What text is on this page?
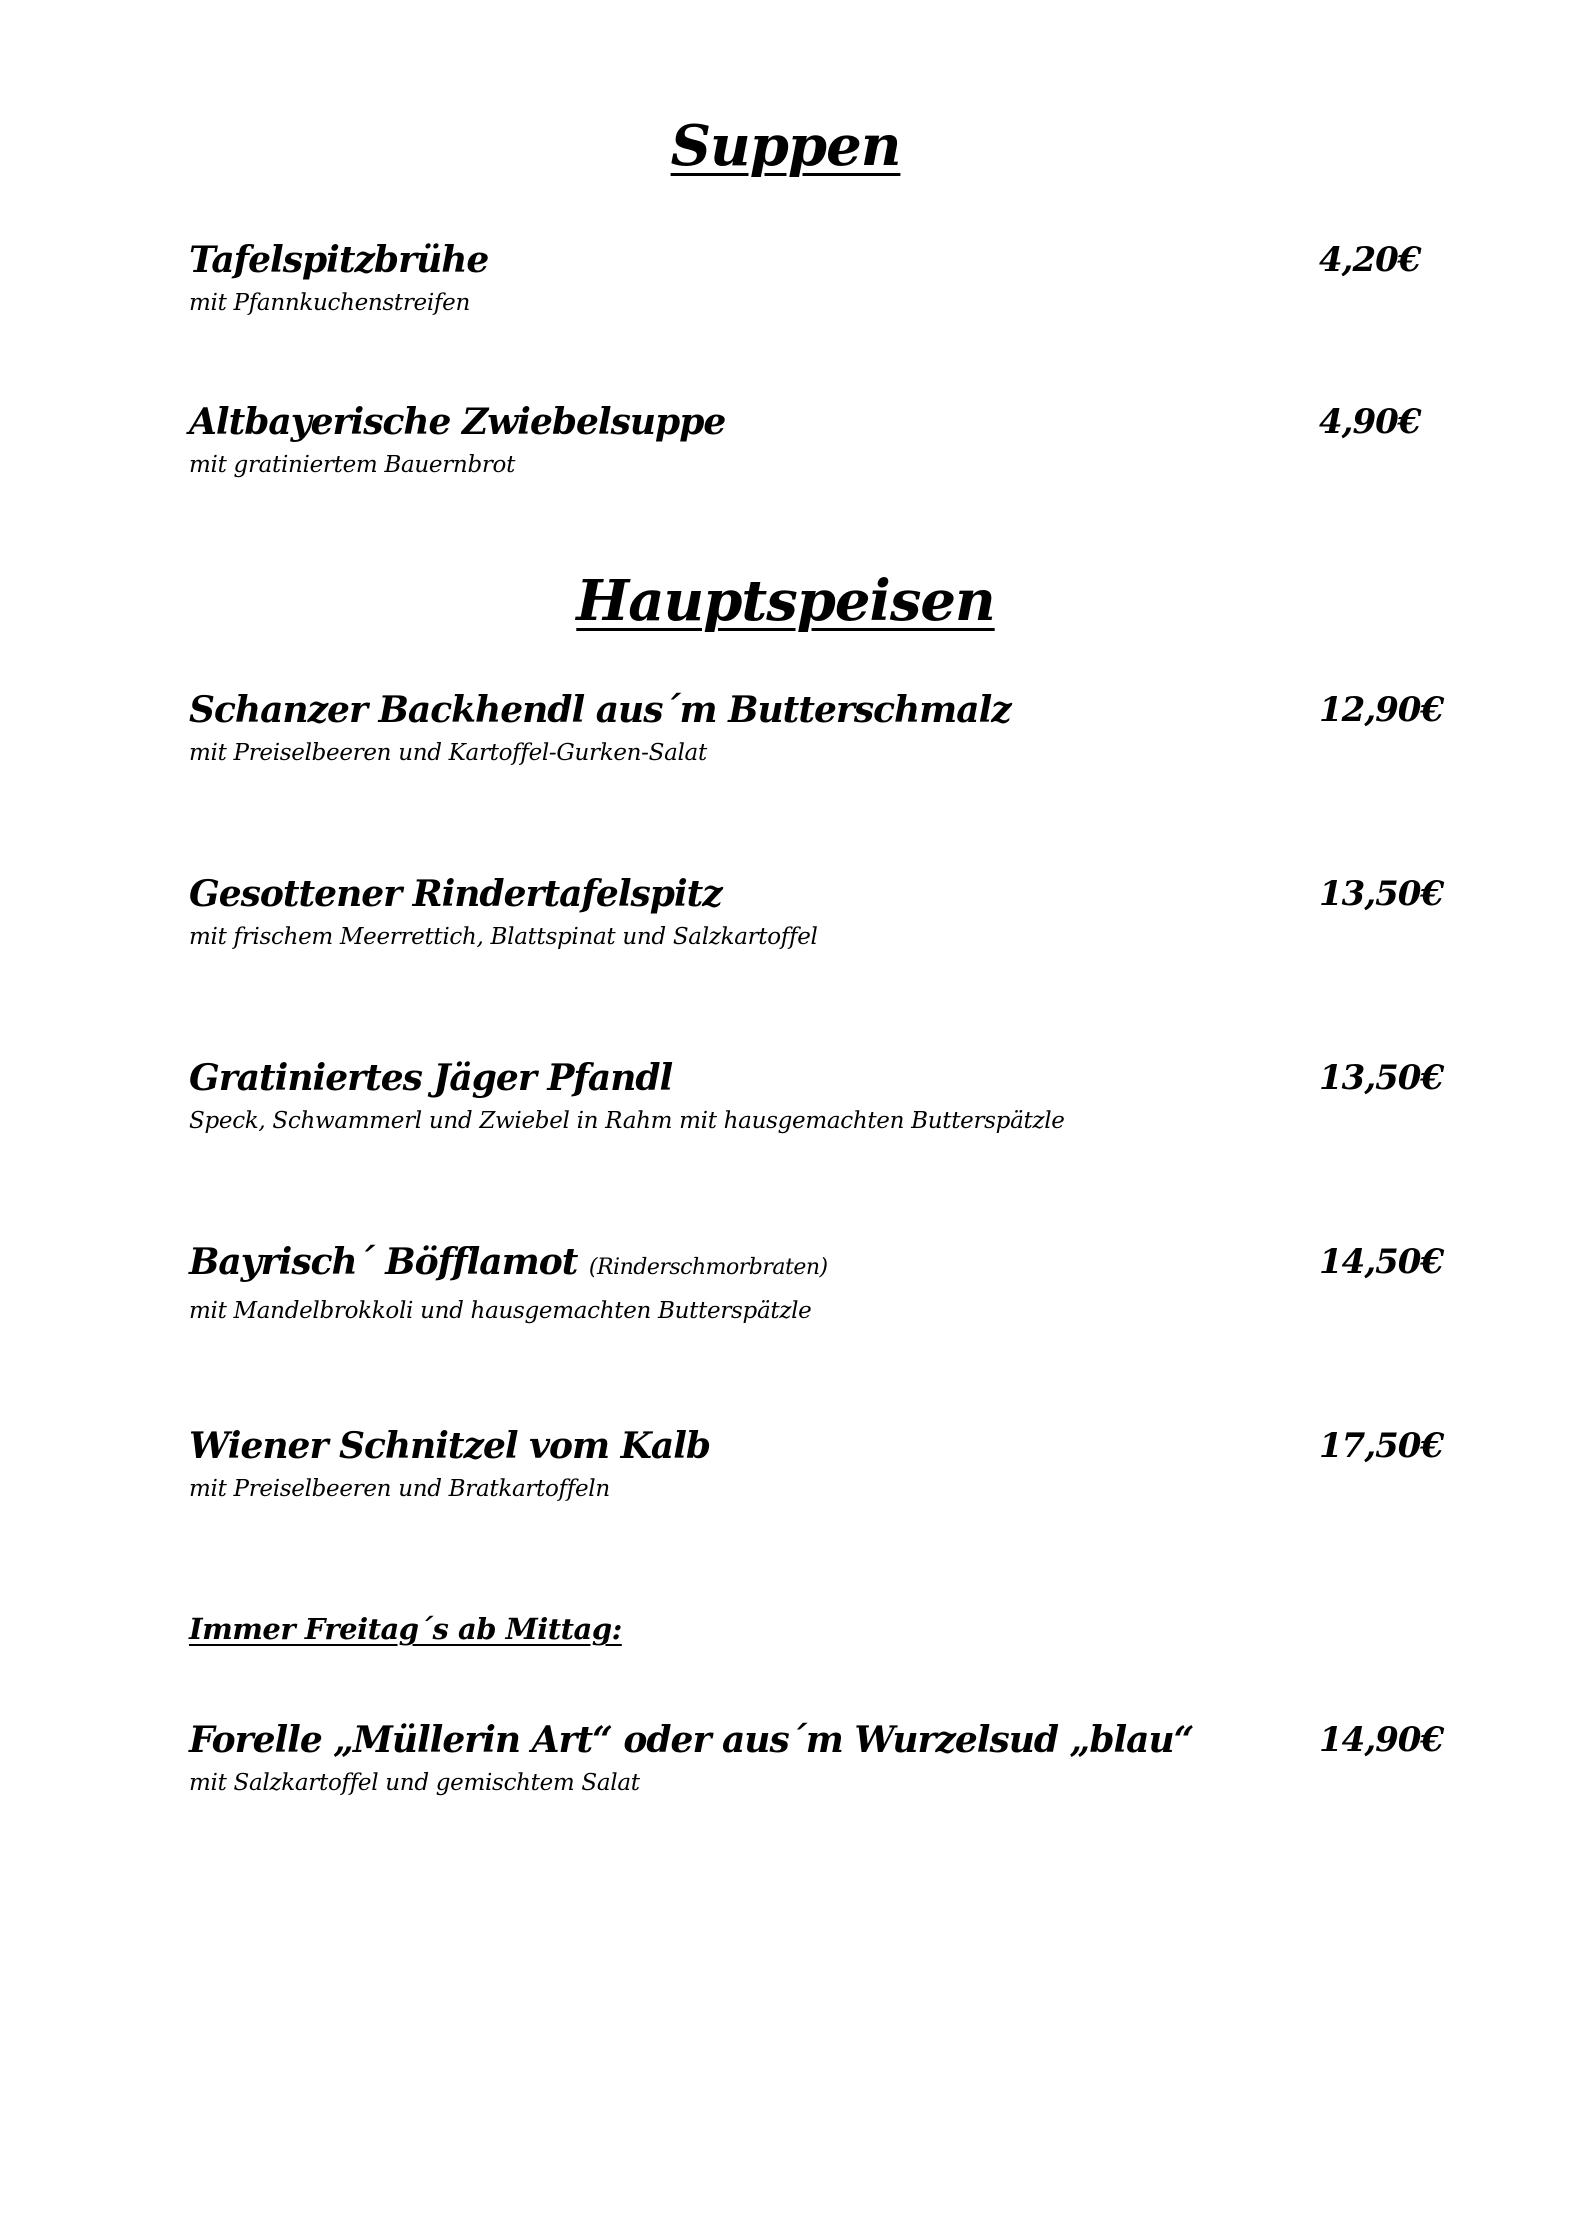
Suppen
Tafelspitzbrühe
mit Pfannkuchenstreifen
4,20€
Altbayerische Zwiebelsuppe
mit gratiniertem Bauernbrot
4,90€
Hauptspeisen
Schanzer Backhendl aus´m Butterschmalz
mit Preiselbeeren und Kartoffel-Gurken-Salat
12,90€
Gesottener Rindertafelspitz
mit frischem Meerrettich, Blattspinat und Salzkartoffel
13,50€
Gratiniertes Jäger Pfandl
Speck, Schwammerl und Zwiebel in Rahm mit hausgemachten Butterspätzle
13,50€
Bayrisch´ Böfflamot (Rinderschmorbraten)
mit Mandelbrokkoli und hausgemachten Butterspätzle
14,50€
Wiener Schnitzel vom Kalb
mit Preiselbeeren und Bratkartoffeln
17,50€
Immer Freitag´s ab Mittag:
Forelle „Müllerin Art“ oder aus´m Wurzelsud „blau“
mit Salzkartoffel und gemischtem Salat
14,90€
